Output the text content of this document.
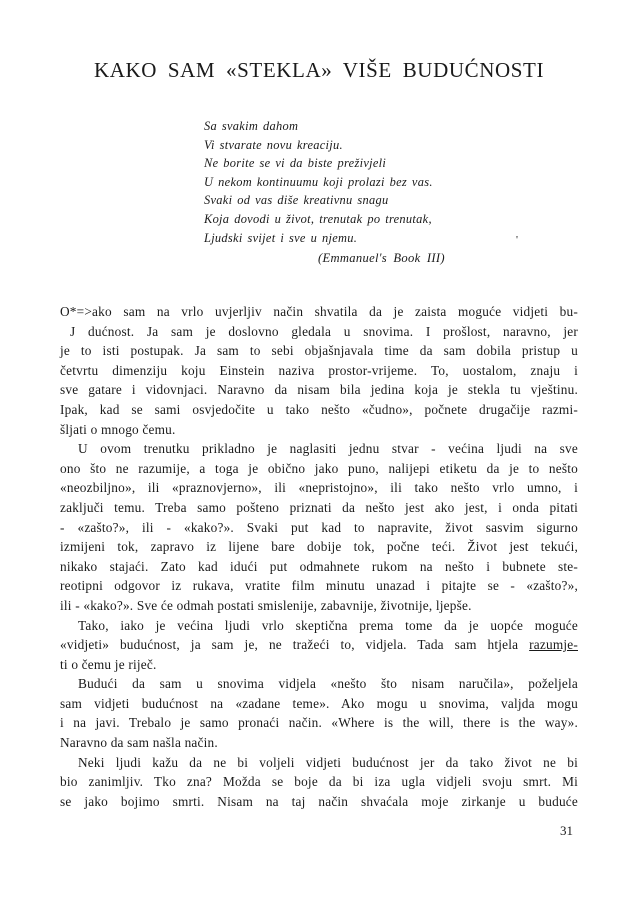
KAKO SAM «STEKLA» VIŠE BUDUĆNOSTI
Sa svakim dahom
Vi stvarate novu kreaciju.
Ne borite se vi da biste preživjeli
U nekom kontinuumu koji prolazi bez vas.
Svaki od vas diše kreativnu snagu
Koja dovodi u život, trenutak po trenutak,
Ljudski svijet i sve u njemu.	'
(Emmanuel's Book III)
O*=>ako sam na vrlo uvjerljiv način shvatila da je zaista moguće vidjeti bu-
J dućnost. Ja sam je doslovno gledala u snovima. I prošlost, naravno, jer
je to isti postupak. Ja sam to sebi objašnjavala time da sam dobila pristup u
četvrtu dimenziju koju Einstein naziva prostor-vrijeme. To, uostalom, znaju i
sve gatare i vidovnjaci. Naravno da nisam bila jedina koja je stekla tu vještinu.
Ipak, kad se sami osvjedočite u tako nešto «čudno», počnete drugačije razmi-
šljati o mnogo čemu.
U ovom trenutku prikladno je naglasiti jednu stvar - većina ljudi na sve
ono što ne razumije, a toga je obično jako puno, nalijepi etiketu da je to nešto
«neozbiljno», ili «praznovjerno», ili «nepristojno», ili tako nešto vrlo umno, i
zaključi temu. Treba samo pošteno priznati da nešto jest ako jest, i onda pitati
- «zašto?», ili - «kako?». Svaki put kad to napravite, život sasvim sigurno
izmijeni tok, zapravo iz lijene bare dobije tok, počne teći. Život jest tekući,
nikako stajaći. Zato kad idući put odmahnete rukom na nešto i bubnete ste-
reotipni odgovor iz rukava, vratite film minutu unazad i pitajte se - «zašto?»,
ili - «kako?». Sve će odmah postati smislenije, zabavnije, životnije, ljepše.
Tako, iako je većina ljudi vrlo skeptična prema tome da je uopće moguće
«vidjeti» budućnost, ja sam je, ne tražeći to, vidjela. Tada sam htjela razumje-
ti o čemu je riječ.
Budući da sam u snovima vidjela «nešto što nisam naručila», poželjela
sam vidjeti budućnost na «zadane teme». Ako mogu u snovima, valjda mogu
i na javi. Trebalo je samo pronaći način. «Where is the will, there is the way».
Naravno da sam našla način.
Neki ljudi kažu da ne bi voljeli vidjeti budućnost jer da tako život ne bi
bio zanimljiv. Tko zna? Možda se boje da bi iza ugla vidjeli svoju smrt. Mi
se jako bojimo smrti. Nisam na taj način shvaćala moje zirkanje u buduće
31
